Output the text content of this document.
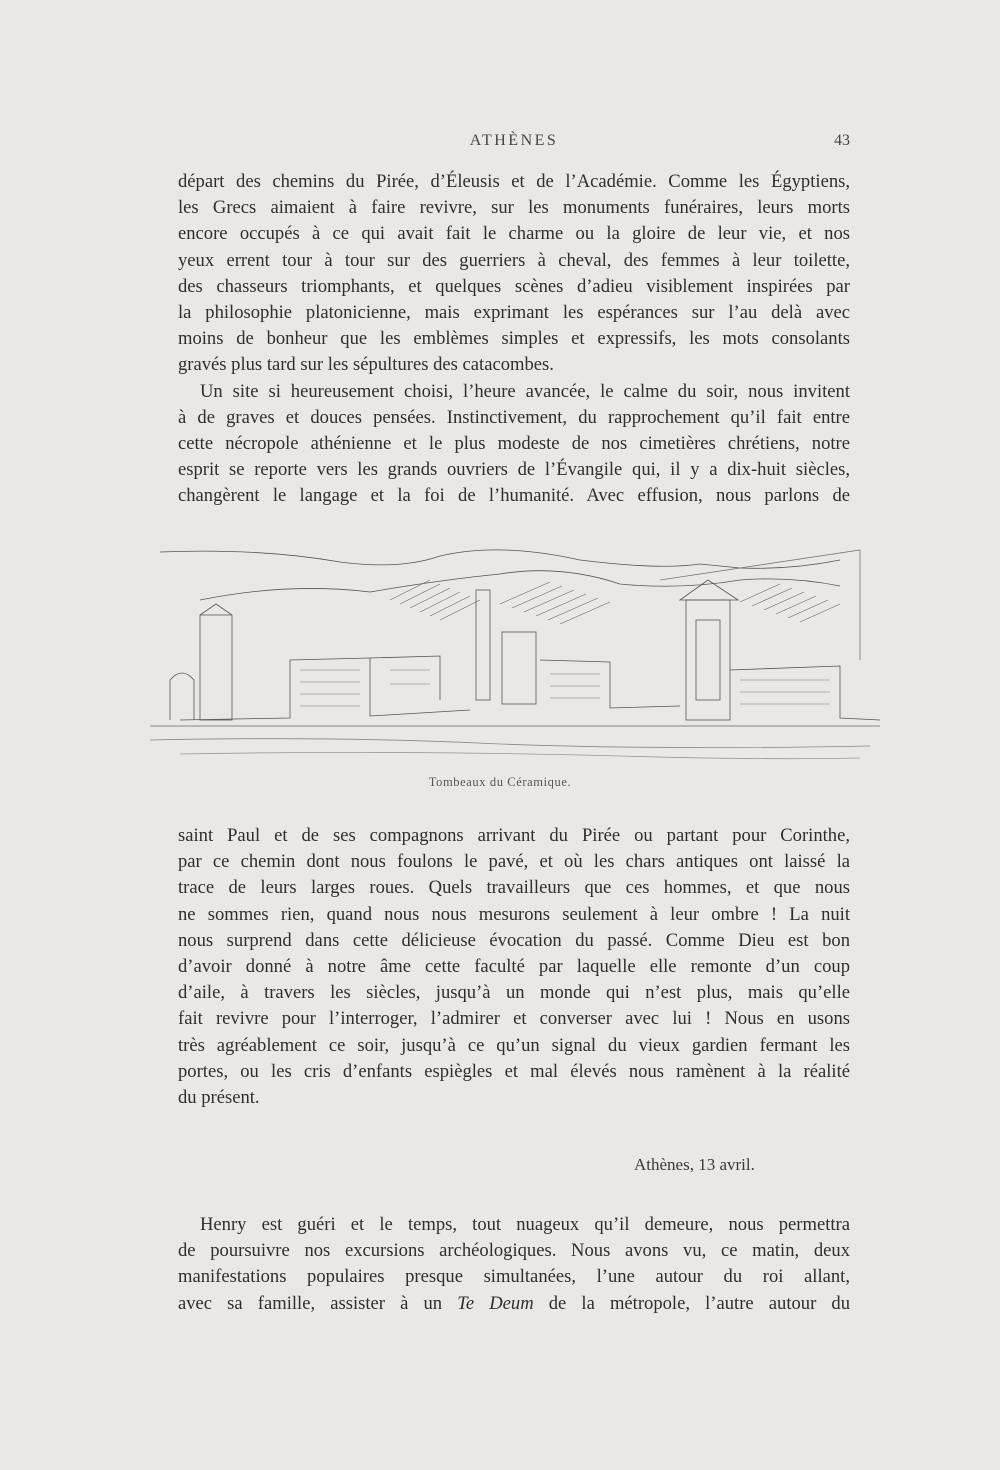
ATHÈNES	43
départ des chemins du Pirée, d’Éleusis et de l’Académie. Comme les Égyptiens,
les Grecs aimaient à faire revivre, sur les monuments funéraires, leurs morts
encore occupés à ce qui avait fait le charme ou la gloire de leur vie, et nos
yeux errent tour à tour sur des guerriers à cheval, des femmes à leur toilette,
des chasseurs triomphants, et quelques scènes d’adieu visiblement inspirées par
la philosophie platonicienne, mais exprimant les espérances sur l’au delà avec
moins de bonheur que les emblèmes simples et expressifs, les mots consolants
gravés plus tard sur les sépultures des catacombes.
Un site si heureusement choisi, l’heure avancée, le calme du soir, nous invitent
à de graves et douces pensées. Instinctivement, du rapprochement qu’il fait entre
cette nécropole athénienne et le plus modeste de nos cimetières chrétiens, notre
esprit se reporte vers les grands ouvriers de l’Évangile qui, il y a dix-huit siècles,
changèrent le langage et la foi de l’humanité. Avec effusion, nous parlons de
Tombeaux du Céramique.
saint Paul et de ses compagnons arrivant du Pirée ou partant pour Corinthe,
par ce chemin dont nous foulons le pavé, et où les chars antiques ont laissé la
trace de leurs larges roues. Quels travailleurs que ces hommes, et que nous
ne sommes rien, quand nous nous mesurons seulement à leur ombre ! La nuit
nous surprend dans cette délicieuse évocation du passé. Comme Dieu est bon
d’avoir donné à notre âme cette faculté par laquelle elle remonte d’un coup
d’aile, à travers les siècles, jusqu’à un monde qui n’est plus, mais qu’elle
fait revivre pour l’interroger, l’admirer et converser avec lui ! Nous en usons
très agréablement ce soir, jusqu’à ce qu’un signal du vieux gardien fermant les
portes, ou les cris d’enfants espiègles et mal élevés nous ramènent à la réalité
du présent.
Athènes, 13 avril.
Henry est guéri et le temps, tout nuageux qu’il demeure, nous permettra
de poursuivre nos excursions archéologiques. Nous avons vu, ce matin, deux
manifestations populaires presque simultanées, l’une autour du roi allant,
avec sa famille, assister à un Te Deum de la métropole, l’autre autour du
